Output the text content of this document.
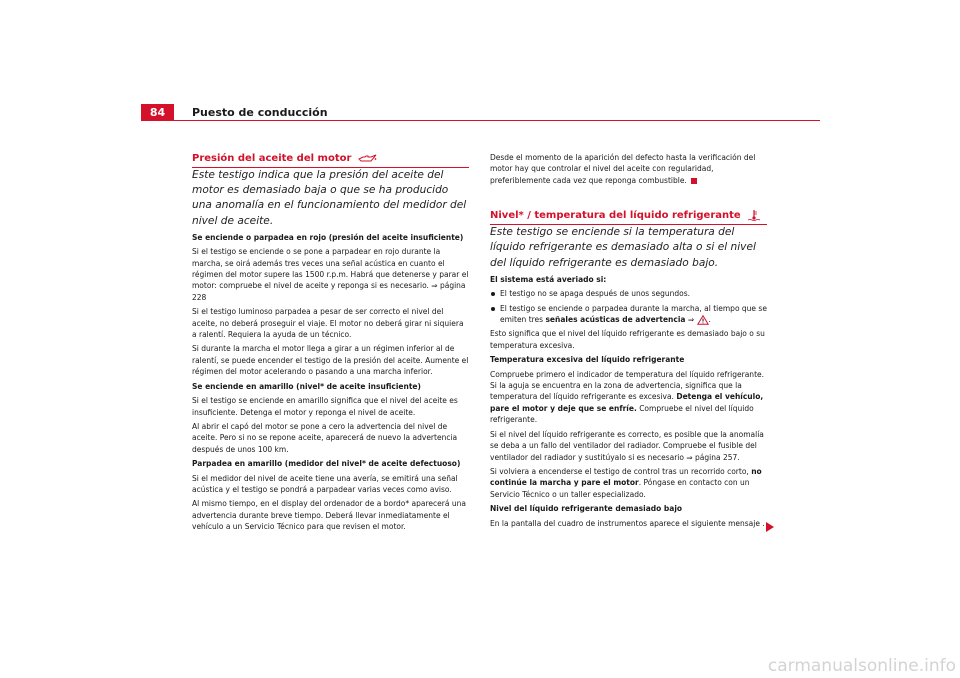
84	Puesto de conducción
Presión del aceite del motor

Este testigo indica que la presión del aceite del motor es demasiado baja o que se ha producido una anomalía en el funcionamiento del medidor del nivel de aceite.

Se enciende o parpadea en rojo (presión del aceite insuficiente)

Si el testigo se enciende o se pone a parpadear en rojo durante la marcha, se oirá además tres veces una señal acústica en cuanto el régimen del motor supere las 1500 r.p.m. Habrá que detenerse y parar el motor: compruebe el nivel de aceite y reponga si es necesario. ⇒ página 228

Si el testigo luminoso parpadea a pesar de ser correcto el nivel del aceite, no deberá proseguir el viaje. El motor no deberá girar ni siquiera a ralentí. Requiera la ayuda de un técnico.

Si durante la marcha el motor llega a girar a un régimen inferior al de ralentí, se puede encender el testigo de la presión del aceite. Aumente el régimen del motor acelerando o pasando a una marcha inferior.

Se enciende en amarillo (nivel* de aceite insuficiente)

Si el testigo se enciende en amarillo significa que el nivel del aceite es insuficiente. Detenga el motor y reponga el nivel de aceite.

Al abrir el capó del motor se pone a cero la advertencia del nivel de aceite. Pero si no se repone aceite, aparecerá de nuevo la advertencia después de unos 100 km.

Parpadea en amarillo (medidor del nivel* de aceite defectuoso)

Si el medidor del nivel de aceite tiene una avería, se emitirá una señal acústica y el testigo se pondrá a parpadear varias veces como aviso.

Al mismo tiempo, en el display del ordenador de a bordo* aparecerá una advertencia durante breve tiempo. Deberá llevar inmediatamente el vehículo a un Servicio Técnico para que revisen el motor.

Desde el momento de la aparición del defecto hasta la verificación del motor hay que controlar el nivel del aceite con regularidad, preferiblemente cada vez que reponga combustible.

Nivel* / temperatura del líquido refrigerante

Este testigo se enciende si la temperatura del líquido refrigerante es demasiado alta o si el nivel del líquido refrigerante es demasiado bajo.

El sistema está averiado si:

El testigo no se apaga después de unos segundos.

El testigo se enciende o parpadea durante la marcha, al tiempo que se emiten tres señales acústicas de advertencia ⇒ .

Esto significa que el nivel del líquido refrigerante es demasiado bajo o su temperatura excesiva.

Temperatura excesiva del líquido refrigerante

Compruebe primero el indicador de temperatura del líquido refrigerante. Si la aguja se encuentra en la zona de advertencia, significa que la temperatura del líquido refrigerante es excesiva. Detenga el vehículo, pare el motor y deje que se enfríe. Compruebe el nivel del líquido refrigerante.

Si el nivel del líquido refrigerante es correcto, es posible que la anomalía se deba a un fallo del ventilador del radiador. Compruebe el fusible del ventilador del radiador y sustitúyalo si es necesario ⇒ página 257.

Si volviera a encenderse el testigo de control tras un recorrido corto, no continúe la marcha y pare el motor. Póngase en contacto con un Servicio Técnico o un taller especializado.

Nivel del líquido refrigerante demasiado bajo

En la pantalla del cuadro de instrumentos aparece el siguiente mensaje .

carmanualsonline.info
